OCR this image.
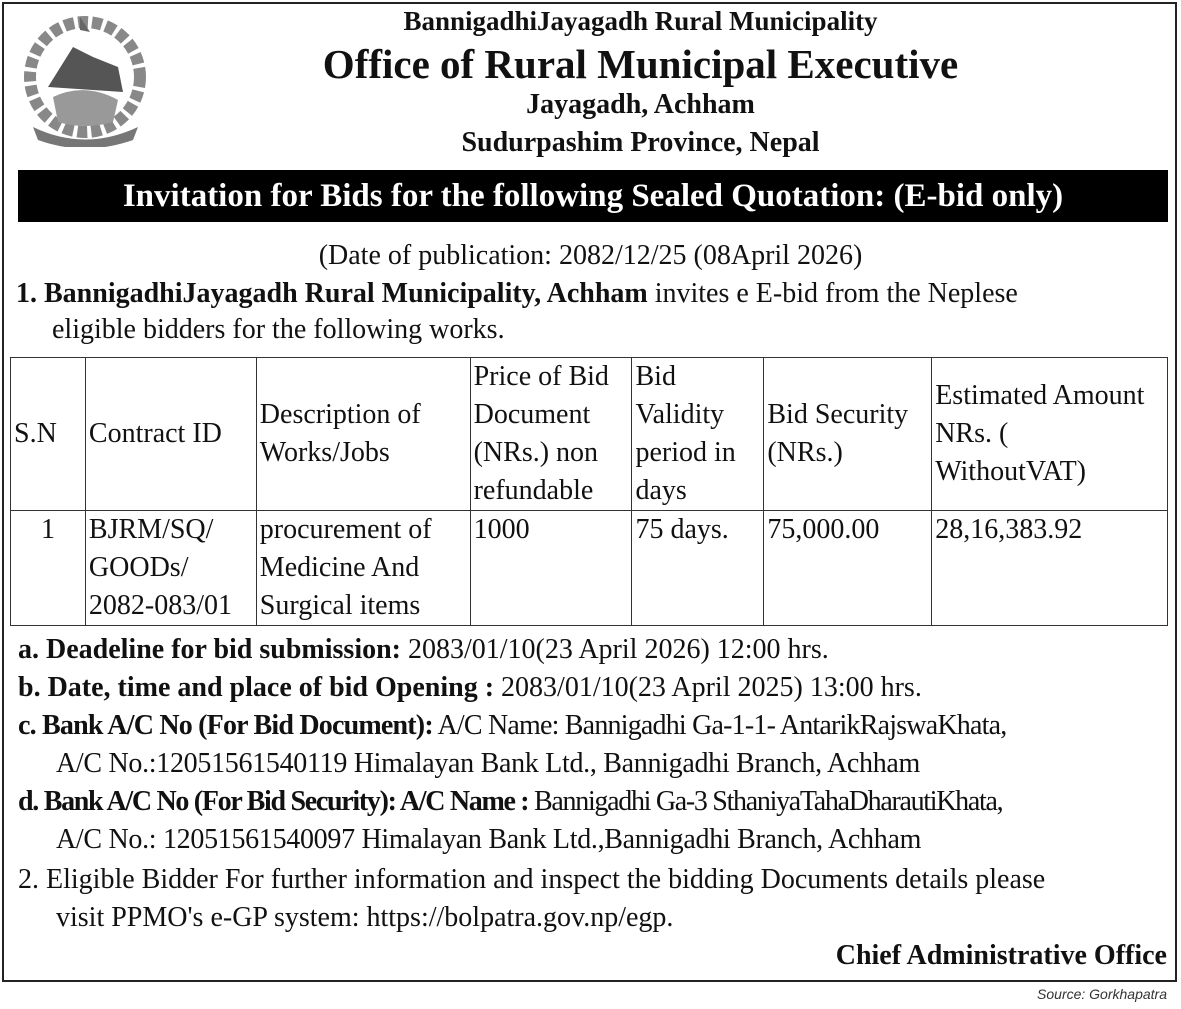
BannigadhiJayagadh Rural Municipality
Office of Rural Municipal Executive
Jayagadh, Achham
Sudurpashim Province, Nepal
Invitation for Bids for the following Sealed Quotation: (E-bid only)
(Date of publication: 2082/12/25 (08April 2026)
1. BannigadhiJayagadh Rural Municipality, Achham invites e E-bid from the Neplese
eligible bidders for the following works.
S.N	Contract ID	Description of Works/Jobs	Price of Bid Document (NRs.) non refundable	Bid Validity period in days	Bid Security (NRs.)	Estimated Amount NRs. ( WithoutVAT)
1	BJRM/SQ/ GOODs/ 2082-083/01	procurement of Medicine And Surgical items	1000	75 days.	75,000.00	28,16,383.92
a. Deadeline for bid submission: 2083/01/10(23 April 2026) 12:00 hrs.
b. Date, time and place of bid Opening : 2083/01/10(23 April 2025) 13:00 hrs.
c. Bank A/C No (For Bid Document): A/C Name: Bannigadhi Ga-1-1- AntarikRajswaKhata,
A/C No.:12051561540119 Himalayan Bank Ltd., Bannigadhi Branch, Achham
d. Bank A/C No (For Bid Security): A/C Name : Bannigadhi Ga-3 SthaniyaTahaDharautiKhata,
A/C No.: 12051561540097 Himalayan Bank Ltd.,Bannigadhi Branch, Achham
2. Eligible Bidder For further information and inspect the bidding Documents details please
visit PPMO's e-GP system: https://bolpatra.gov.np/egp.
Chief Administrative Office
Source: Gorkhapatra
